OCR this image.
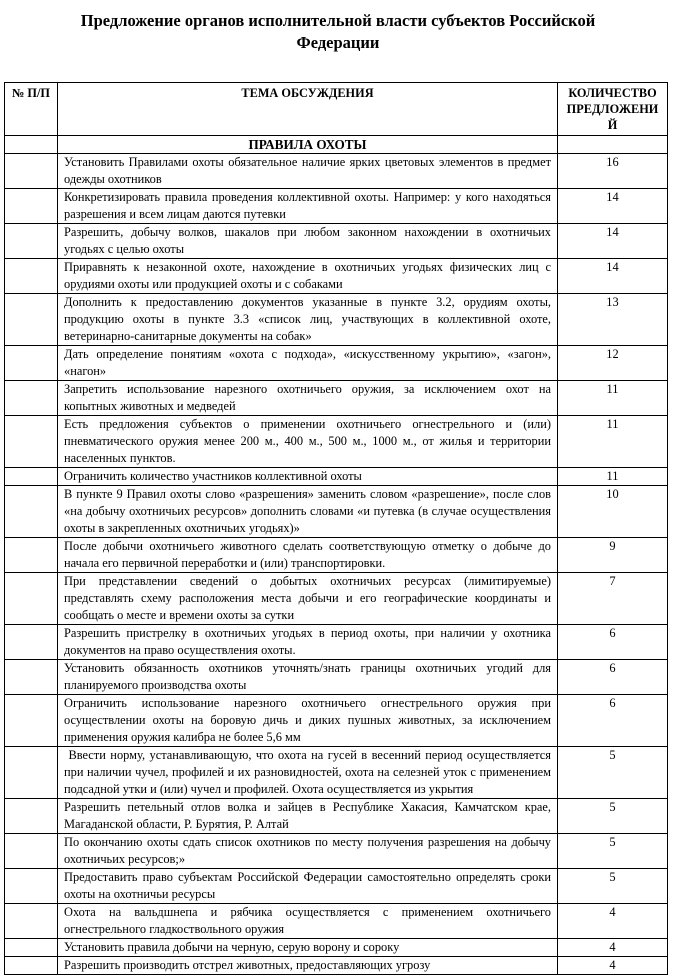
Предложение органов исполнительной власти субъектов Российской Федерации
№ П/П	ТЕМА ОБСУЖДЕНИЯ	КОЛИЧЕСТВО ПРЕДЛОЖЕНИЙ
	ПРАВИЛА ОХОТЫ	
	Установить Правилами охоты обязательное наличие ярких цветовых элементов в предмет одежды охотников	16
	Конкретизировать правила проведения коллективной охоты. Например: у кого находяться разрешения и всем лицам даются путевки	14
	Разрешить, добычу волков, шакалов при любом законном нахождении в охотничьих угодьях с целью охоты	14
	Приравнять к незаконной охоте, нахождение в охотничьих угодьях физических лиц с орудиями охоты или продукцией охоты и с собаками	14
	Дополнить к предоставлению документов указанные в пункте 3.2, орудиям охоты, продукцию охоты в пункте 3.3 «список лиц, участвующих в коллективной охоте, ветеринарно-санитарные документы на собак»	13
	Дать определение понятиям «охота с подхода», «искусственному укрытию», «загон», «нагон»	12
	Запретить использование нарезного охотничьего оружия, за исключением охот на копытных животных и медведей	11
	Есть предложения субъектов о применении охотничьего огнестрельного и (или) пневматического оружия менее 200 м., 400 м., 500 м., 1000 м., от жилья и территории населенных пунктов.	11
	Ограничить количество участников коллективной охоты	11
	В пункте 9 Правил охоты слово «разрешения» заменить словом «разрешение», после слов «на добычу охотничьих ресурсов» дополнить словами «и путевка (в случае осуществления охоты в закрепленных охотничьих угодьях)»	10
	После добычи охотничьего животного сделать соответствующую отметку о добыче до начала его первичной переработки и (или) транспортировки.	9
	При представлении сведений о добытых охотничьих ресурсах (лимитируемые) представлять схему расположения места добычи и его географические координаты и сообщать о месте и времени охоты за сутки	7
	Разрешить пристрелку в охотничьих угодьях в период охоты, при наличии у охотника документов на право осуществления охоты.	6
	Установить обязанность охотников уточнять/знать границы охотничьих угодий для планируемого производства охоты	6
	Ограничить использование нарезного охотничьего огнестрельного оружия при осуществлении охоты на боровую дичь и диких пушных животных, за исключением применения оружия калибра не более 5,6 мм	6
	Ввести норму, устанавливающую, что охота на гусей в весенний период осуществляется при наличии чучел, профилей и их разновидностей, охота на селезней уток с применением подсадной утки и (или) чучел и профилей. Охота осуществляется из укрытия	5
	Разрешить петельный отлов волка и зайцев в Республике Хакасия, Камчатском крае, Магаданской области, Р. Бурятия, Р. Алтай	5
	По окончанию охоты сдать список охотников по месту получения разрешения на добычу охотничьих ресурсов;»	5
	Предоставить право субъектам Российской Федерации самостоятельно определять сроки охоты на охотничьи ресурсы	5
	Охота на вальдшнепа и рябчика осуществляется с применением охотничьего огнестрельного гладкоствольного оружия	4
	Установить правила добычи на черную, серую ворону и сороку	4
	Разрешить производить отстрел животных, предоставляющих угрозу	4
